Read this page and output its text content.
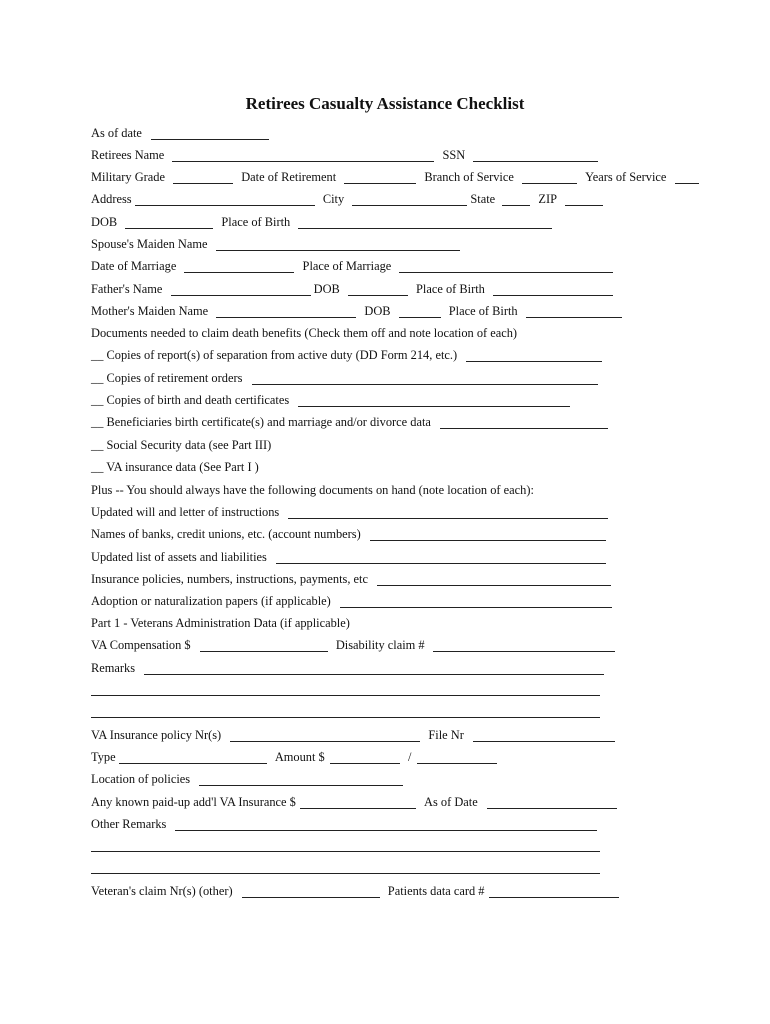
Retirees Casualty Assistance Checklist
As of date
Retirees Name	SSN
Military Grade	Date of Retirement	Branch of Service	Years of Service
Address	City	State	ZIP
DOB	Place of Birth
Spouse's Maiden Name
Date of Marriage	Place of Marriage
Father's Name	DOB	Place of Birth
Mother's Maiden Name	DOB	Place of Birth
Documents needed to claim death benefits (Check them off and note location of each)
__ Copies of report(s) of separation from active duty (DD Form 214, etc.)
__ Copies of retirement orders
__ Copies of birth and death certificates
__ Beneficiaries birth certificate(s) and marriage and/or divorce data
__ Social Security data (see Part III)
__ VA insurance data (See Part I )
Plus -- You should always have the following documents on hand (note location of each):
Updated will and letter of instructions
Names of banks, credit unions, etc. (account numbers)
Updated list of assets and liabilities
Insurance policies, numbers, instructions, payments, etc
Adoption or naturalization papers (if applicable)
Part 1 - Veterans Administration Data (if applicable)
VA Compensation $	Disability claim #
Remarks
VA Insurance policy Nr(s)	File Nr
Type	Amount $	/
Location of policies
Any known paid-up add'l VA Insurance $	As of Date
Other Remarks
Veteran's claim Nr(s) (other)	Patients data card #
